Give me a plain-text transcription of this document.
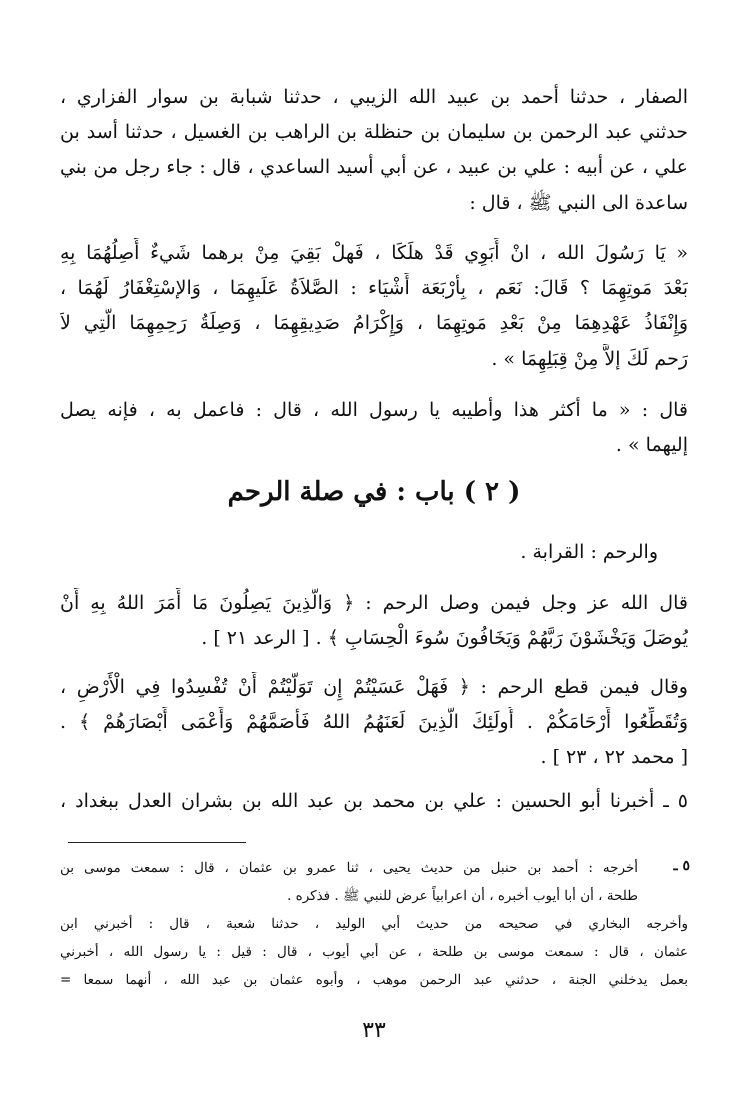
الصفار ، حدثنا أحمد بن عبيد الله الزيبي ، حدثنا شبابة بن سوار الفزاري ،
حدثني عبد الرحمن بن سليمان بن حنظلة بن الراهب بن الغسيل ، حدثنا أسد بن
علي ، عن أبيه : علي بن عبيد ، عن أبي أسيد الساعدي ، قال : جاء رجل من بني
ساعدة الى النبي ﷺ ، قال :
« يَا رَسُولَ الله ، انْ أَبَوِي قَدْ هلَكَا ، فَهلْ بَقِيَ مِنْ برهما شَيءٌ أَصِلُهُمَا بِهِ
بَعْدَ مَوتِهِمَا ؟ قَالَ: نَعَم ، بِأَرْبَعَة أَشْيَاء : الصَّلاَةُ عَلَيهِمَا ، وَالإسْتِغْفَارُ لَهُمَا ،
وَإِنْفَاذُ عَهْدِهِمَا مِنْ بَعْدِ مَوتِهِمَا ، وَإِكْرَامُ صَدِيقِهِمَا ، وَصِلَةُ رَحِمِهِمَا الَّتِي لاَ
رَحم لَكَ إلاَّ مِنْ قِبَلِهِمَا » .
قال : « ما أكثر هذا وأطيبه يا رسول الله ، قال : فاعمل به ، فإنه يصل
إليهما » .
( ٢ ) باب : في صلة الرحم
والرحم : القرابة .
قال الله عز وجل فيمن وصل الرحم : ﴿ وَالَّذِينَ يَصِلُونَ مَا أَمَرَ اللهُ بِهِ أَنْ
يُوصَلَ وَيَخْشَوْنَ رَبَّهُمْ وَيَخَافُونَ سُوءَ الْحِسَابِ ﴾ . [ الرعد ٢١ ] .
وقال فيمن قطع الرحم : ﴿ فَهَلْ عَسَيْتُمْ إِن تَوَلَّيْتُمْ أَنْ تُفْسِدُوا فِي الْأَرْضِ ،
وَتُقَطِّعُوا أَرْحَامَكُمْ . أُولَئِكَ الَّذِينَ لَعَنَهُمُ اللهُ فَأَصَمَّهُمْ وَأَعْمَى أَبْصَارَهُمْ ﴾ .
[ محمد ٢٢ ، ٢٣ ] .
٥ ـ أخبرنا أبو الحسين : علي بن محمد بن عبد الله بن بشران العدل ببغداد ،
٥ ـ
أخرجه : أحمد بن حنبل من حديث يحيى ، ثنا عمرو بن عثمان ، قال : سمعت موسى بن
طلحة ، أن أبا أيوب أخبره ، أن اعرابياً عرض للنبي ﷺ . فذكره .
وأخرجه البخاري في صحيحه من حديث أبي الوليد ، حدثنا شعبة ، قال : أخبرني ابن
عثمان ، قال : سمعت موسى بن طلحة ، عن أبي أيوب ، قال : قيل : يا رسول الله ، أخبرني
بعمل يدخلني الجنة ، حدثني عبد الرحمن موهب ، وأبوه عثمان بن عبد الله ، أنهما سمعا =
٣٣
